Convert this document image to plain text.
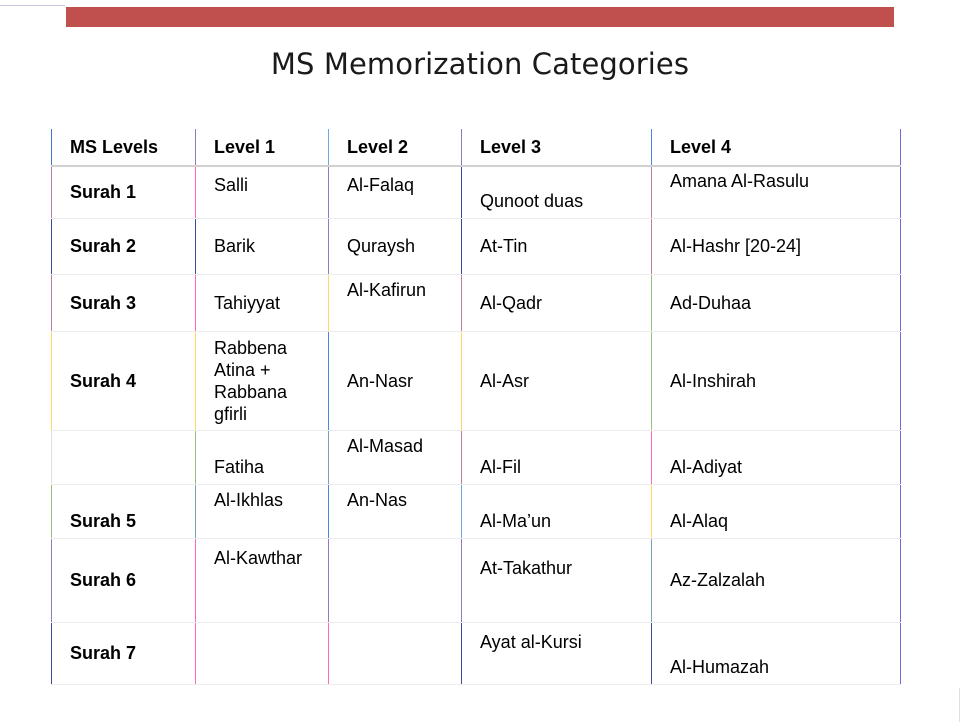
MS Memorization Categories
MS Levels	Level 1	Level 2	Level 3	Level 4
Surah 1	Salli	Al-Falaq	Qunoot duas	Amana Al-Rasulu
Surah 2	Barik	Quraysh	At-Tin	Al-Hashr [20-24]
Surah 3	Tahiyyat	Al-Kafirun	Al-Qadr	Ad-Duhaa
Surah 4	Rabbena Atina + Rabbana gfirli	An-Nasr	Al-Asr	Al-Inshirah
	Fatiha	Al-Masad	Al-Fil	Al-Adiyat
Surah 5	Al-Ikhlas	An-Nas	Al-Ma’un	Al-Alaq
Surah 6	Al-Kawthar		At-Takathur	Az-Zalzalah
Surah 7			Ayat al-Kursi	Al-Humazah
